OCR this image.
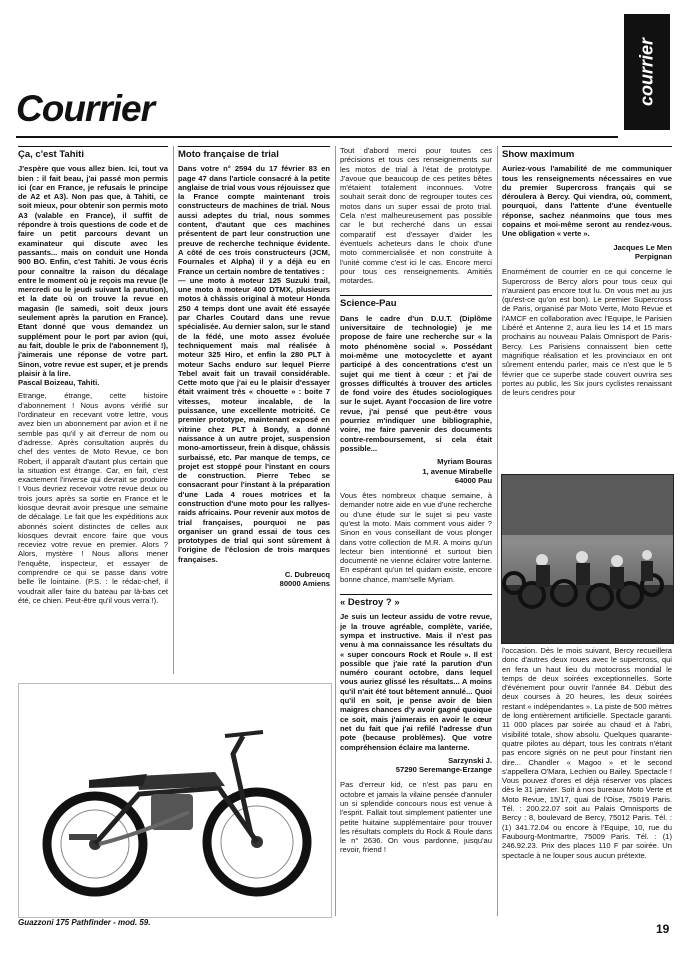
Courrier
courrier
Ça, c'est Tahiti

J'espère que vous allez bien. Ici, tout va bien : il fait beau, j'ai passé mon permis ici (car en France, je refusais le principe de A2 et A3). Non pas que, à Tahiti, ce soit mieux, pour obtenir son permis moto A3 (valable en France), il suffit de répondre à trois questions de code et de faire un petit parcours devant un examinateur qui discute avec les passants... mais on conduit une Honda 900 BO. Enfin, c'est Tahiti. Je vous écris pour connaître la raison du décalage entre le moment où je reçois ma revue (le mercredi ou le jeudi suivant la parution), et la date où on trouve la revue en magasin (le samedi, soit deux jours seulement après la parution en France). Etant donné que vous demandez un supplément pour le port par avion (qui, au fait, double le prix de l'abonnement !), j'aimerais une réponse de votre part. Sinon, votre revue est super, et je prends plaisir à la lire.

Pascal Boizeau, Tahiti.

Etrange, étrange, cette histoire d'abonnement ! Nous avons vérifié sur l'ordinateur en recevant votre lettre, vous avez bien un abonnement par avion et il ne semble pas qu'il y ait d'erreur de nom ou d'adresse. Après consultation auprès du chef des ventes de Moto Revue, ce bon Robert, il apparaît d'autant plus certain que la situation est étrange. Car, en fait, c'est exactement l'inverse qui devrait se produire ! Vous devriez recevoir votre revue deux ou trois jours après sa sortie en France et le kiosque devrait avoir presque une semaine de décalage. Le fait que les expéditions aux abonnés soient distinctes de celles aux kiosques devrait encore faire que vous receviez votre revue en premier. Alors ? Alors, mystère ! Nous allons mener l'enquête, inspecteur, et essayer de comprendre ce qui se passe dans votre belle île lointaine. (P.S. : le rédac-chef, il voudrait aller faire du bateau par là-bas cet été, ce chien. Peut-être qu'il vous verra !).

Moto française de trial

Dans votre n° 2594 du 17 février 83 en page 47 dans l'article consacré à la petite anglaise de trial vous vous réjouissez que la France compte maintenant trois constructeurs de machines de trial. Nous aussi adeptes du trial, nous sommes content, d'autant que ces machines présentent de part leur construction une preuve de recherche technique évidente. A côté de ces trois constructeurs (JCM, Fournales et Alpha) il y a déjà eu en France un certain nombre de tentatives :

— une moto à moteur 125 Suzuki trail, une moto à moteur 400 DTMX, plusieurs motos à châssis original à moteur Honda 250 4 temps dont une avait été essayée par Charles Coutard dans une revue spécialisée. Au dernier salon, sur le stand de la fédé, une moto assez évoluée techniquement mais mal réalisée à moteur 325 Hiro, et enfin la 280 PLT à moteur Sachs enduro sur lequel Pierre Tebel avait fait un travail considérable. Cette moto que j'ai eu le plaisir d'essayer était vraiment très « chouette » : boite 7 vitesses, moteur incalable, de la puissance, une excellente motricité. Ce premier prototype, maintenant exposé en vitrine chez PLT à Bondy, a donné naissance à un autre projet, suspension mono-amortisseur, frein à disque, châssis surbaissé, etc. Par manque de temps, ce projet est stoppé pour l'instant en cours de construction. Pierre Tebec se consacrant pour l'instant à la préparation d'une Lada 4 roues motrices et la construction d'une moto pour les rallyes-raids africains. Pour revenir aux motos de trial françaises, pourquoi ne pas organiser un grand essai de tous ces prototypes de trial qui sont sûrement à l'origine de l'éclosion de trois marques françaises.

C. Dubreucq

80000 Amiens

Tout d'abord merci pour toutes ces précisions et tous ces renseignements sur les motos de trial à l'état de prototype. J'avoue que beaucoup de ces petites bêtes m'étaient totalement inconnues. Votre souhait serait donc de regrouper toutes ces motos dans un super essai de proto trial. Cela n'est malheureusement pas possible car le but recherché dans un essai comparatif est d'essayer d'aider les éventuels acheteurs dans le choix d'une moto commercialisée et non construite à l'unité comme c'est ici le cas. Encore merci pour tous ces renseignements. Amitiés motardes.

Science-Pau

Dans le cadre d'un D.U.T. (Diplôme universitaire de technologie) je me propose de faire une recherche sur « la moto phénomène social ». Possédant moi-même une motocyclette et ayant participé à des concentrations c'est un sujet qui me tient à cœur : et j'ai de grosses difficultés à trouver des articles de fond voire des études sociologiques sur le sujet. Ayant l'occasion de lire votre revue, j'ai pensé que peut-être vous pourriez m'indiquer une bibliographie, voire, me faire parvenir des documents contre-remboursement, si cela était possible...

Myriam Bouras

1, avenue Mirabelle

64000 Pau

Vous êtes nombreux chaque semaine, à demander notre aide en vue d'une recherche ou d'une étude sur le sujet si peu vaste qu'est la moto. Mais comment vous aider ? Sinon en vous conseillant de vous plonger dans votre collection de M.R. A moins qu'un lecteur bien intentionné et surtout bien documenté ne vienne éclairer votre lanterne. En espérant qu'un tel quidam existe, encore bonne chance, mam'selle Myriam.

« Destroy ? »

Je suis un lecteur assidu de votre revue, je la trouve agréable, complète, variée, sympa et instructive. Mais il n'est pas venu à ma connaissance les résultats du « super concours Rock et Roule ». Il est possible que j'aie raté la parution d'un numéro courant octobre, dans lequel vous auriez glissé les résultats... A moins qu'il n'ait été tout bêtement annulé... Quoi qu'il en soit, je pense avoir de bien maigres chances d'y avoir gagné quoique ce soit, mais j'aimerais en avoir le cœur net du fait que j'ai refilé l'adresse d'un pote (because problèmes). Que votre compréhension éclaire ma lanterne.

Sarzynski J.

57290 Seremange-Erzange

Pas d'erreur kid, ce n'est pas paru en octobre et jamais la vilaine pensée d'annuler un si splendide concours nous est venue à l'esprit. Fallait tout simplement patienter une petite huitaine supplémentaire pour trouver les résultats complets du Rock & Roule dans le n° 2636. On vous pardonne, jusqu'au revoir, friend !

Show maximum

Auriez-vous l'amabilité de me communiquer tous les renseignements nécessaires en vue du premier Supercross français qui se déroulera à Bercy. Qui viendra, où, comment, pourquoi, dans l'attente d'une éventuelle réponse, sachez néanmoins que tous mes copains et moi-même seront au rendez-vous. Une obligation « verte ».

Jacques Le Men

Perpignan

Enormément de courrier en ce qui concerne le Supercross de Bercy alors pour tous ceux qui n'auraient pas encore tout lu. On vous met au jus (qu'est-ce qu'on est bon). Le premier Supercross de Paris, organisé par Moto Verte, Moto Revue et l'AMCF en collaboration avec l'Equipe, le Parisien Libéré et Antenne 2, aura lieu les 14 et 15 mars prochains au nouveau Palais Omnisport de Paris-Bercy. Les Parisiens connaissent bien cette magnifique réalisation et les provinciaux en ont sûrement entendu parler, mais ce n'est que le 5 février que ce superbe stade couvert ouvrira ses portes au public, les Six jours cyclistes renaissant de leurs cendres pour

l'occasion. Dès le mois suivant, Bercy recueillera donc d'autres deux roues avec le supercross, qui en fera un haut lieu du motocross mondial le temps de deux soirées exceptionnelles. Sorte d'événement pour ouvrir l'année 84. Début des deux courses à 20 heures, les deux soirées restant « indépendantes ». La piste de 500 mètres de long entièrement artificielle. Spectacle garanti. 11 000 places par soirée au chaud et à l'abri, visibilité totale, show absolu. Quelques quarante-quatre pilotes au départ, tous les contrats n'étant pas encore signés on ne peut pour l'instant rien dire... Chandler « Magoo » et le second s'appellera O'Mara, Lechien ou Bailey. Spectacle ! Vous pouvez d'ores et déjà réserver vos places dès le 31 janvier. Soit à nos bureaux Moto Verte et Moto Revue, 15/17, quai de l'Oise, 75019 Paris. Tél. : 200.22.07 soit au Palais Omnisports de Bercy : 8, boulevard de Bercy, 75012 Paris. Tél. : (1) 341.72.04 ou encore à l'Equipe, 10, rue du Faubourg-Montmartre, 75009 Paris. Tél. : (1) 246.92.23. Prix des places 110 F par soirée. Un spectacle à ne louper sous aucun prétexte.

Guazzoni 175 Pathfinder - mod. 59.	19
